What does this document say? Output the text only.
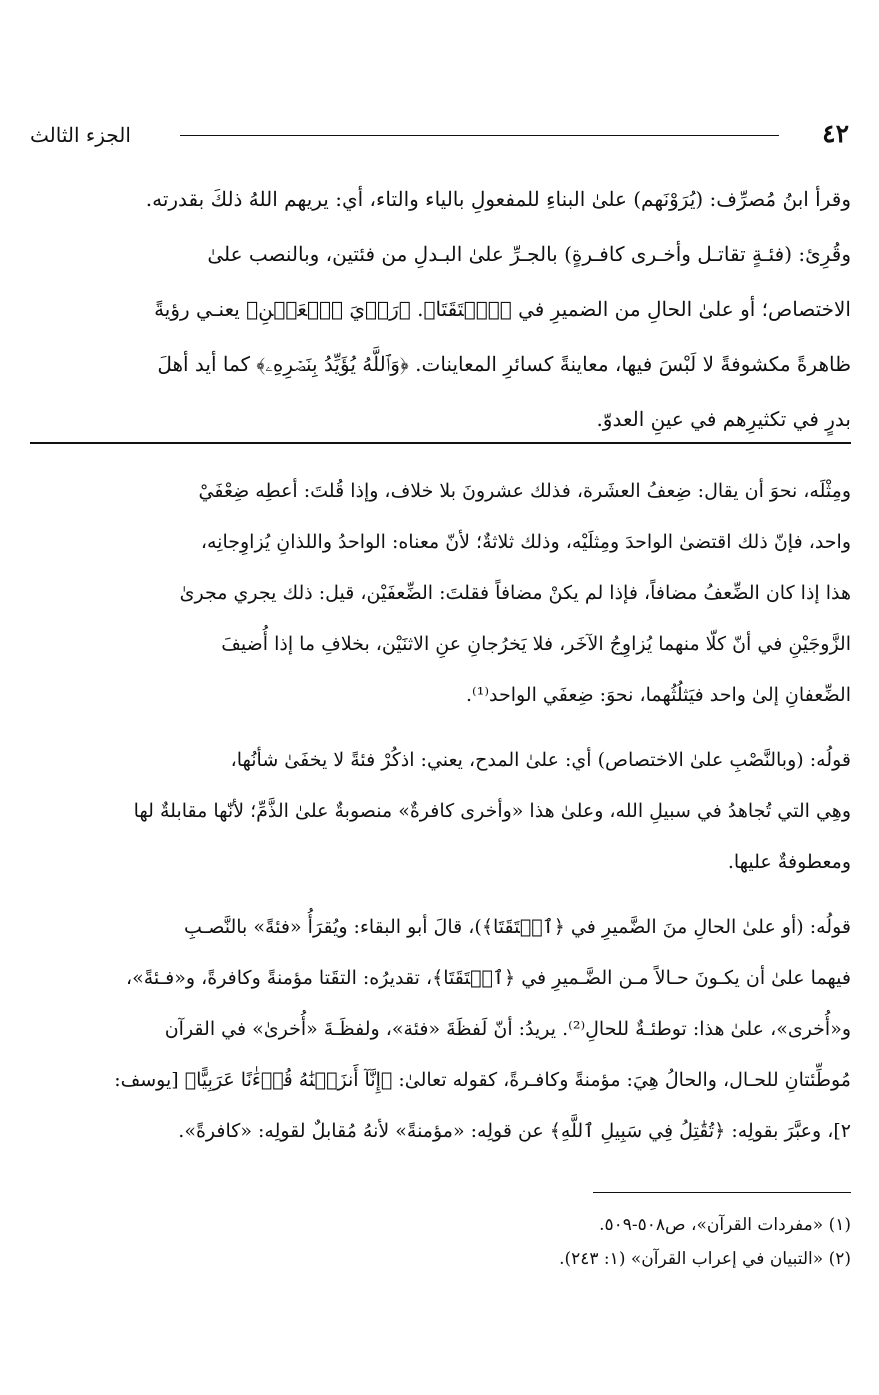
٤٢
الجزء الثالث
وقرأ ابنُ مُصرِّف: (يُرَوْنَهم) علىٰ البناءِ للمفعولِ بالياء والتاء، أي: يريهم اللهُ ذلكَ بقدرته.
وقُرِئ: (فئـةٍ تقاتـل وأخـرى كافـرةٍ) بالجـرِّ علىٰ البـدلِ من فئتين، وبالنصب علىٰ
الاختصاص؛ أو علىٰ الحالِ من الضميرِ في ﴿ٱلۡتَقَتَا﴾. ﴿رَأۡيَ ٱلۡعَيۡنِ﴾ يعنـي رؤيةً
ظاهرةً مكشوفةً لا لَبْسَ فيها، معاينةً كسائرِ المعاينات. ﴿وَٱللَّهُ يُؤَيِّدُ بِنَصۡرِهِۦ﴾ كما أيد أهلَ
بدرٍ في تكثيرِهم في عينِ العدوّ.

ومِثْلَه، نحوَ أن يقال: ضِعفُ العشَرة، فذلك عشرونَ بلا خلاف، وإذا قُلتَ: أعطِه ضِعْفَيْ
واحد، فإنّ ذلك اقتضىٰ الواحدَ ومِثلَيْه، وذلك ثلاثةٌ؛ لأنّ معناه: الواحدُ واللذانِ يُزاوِجانِه،
هذا إذا كان الضِّعفُ مضافاً، فإذا لم يكنْ مضافاً فقلتَ: الضِّعفَيْن، قيل: ذلك يجري مجرىٰ
الزَّوجَيْنِ في أنّ كلّا منهما يُزاوِجُ الآخَر، فلا يَخرُجانِ عنِ الاثنَيْن، بخلافِ ما إذا أُضيفَ
الضِّعفانِ إلىٰ واحد فيَثلُثُهما، نحوَ: ضِعفَي الواحد⁽¹⁾.

قولُه: (وبالنَّصْبِ علىٰ الاختصاص) أي: علىٰ المدح، يعني: اذكُرْ فئةً لا يخفَىٰ شأنُها،
وهِي التي تُجاهدُ في سبيلِ الله، وعلىٰ هذا «وأخرى كافرةٌ» منصوبةٌ علىٰ الذَّمِّ؛ لأنّها مقابلةٌ لها
ومعطوفةٌ عليها.

قولُه: (أو علىٰ الحالِ منَ الضَّميرِ في ﴿ٱلۡتَقَتَا﴾)، قالَ أبو البقاء: ويُقرَأُ «فئةً» بالنَّصـبِ
فيهما علىٰ أن يكـونَ حـالاً مـن الضَّـميرِ في ﴿ٱلۡتَقَتَا﴾، تقديرُه: التقَتا مؤمنةً وكافرةً، و«فـئةً»،
و«أُخرى»، علىٰ هذا: توطئـةٌ للحالِ⁽²⁾. يريدُ: أنّ لَفظَةَ «فئة»، ولفظَـةَ «أُخرىٰ» في القرآن
مُوطِّئتانِ للحـال، والحالُ هِيَ: مؤمنةً وكافـرةً، كقوله تعالىٰ: ﴿إِنَّآ أَنزَلۡنَٰهُ قُرۡءَٰنًا عَرَبِيًّا﴾ [يوسف:
٢]، وعبَّرَ بقولِه: ﴿تُقَٰتِلُ فِي سَبِيلِ ٱللَّهِ﴾ عن قولِه: «مؤمنةً» لأنهُ مُقابلٌ لقولِه: «كافرةً».

(١) «مفردات القرآن»، ص٥٠٨-٥٠٩.
(٢) «التبيان في إعراب القرآن» (١: ٢٤٣).
